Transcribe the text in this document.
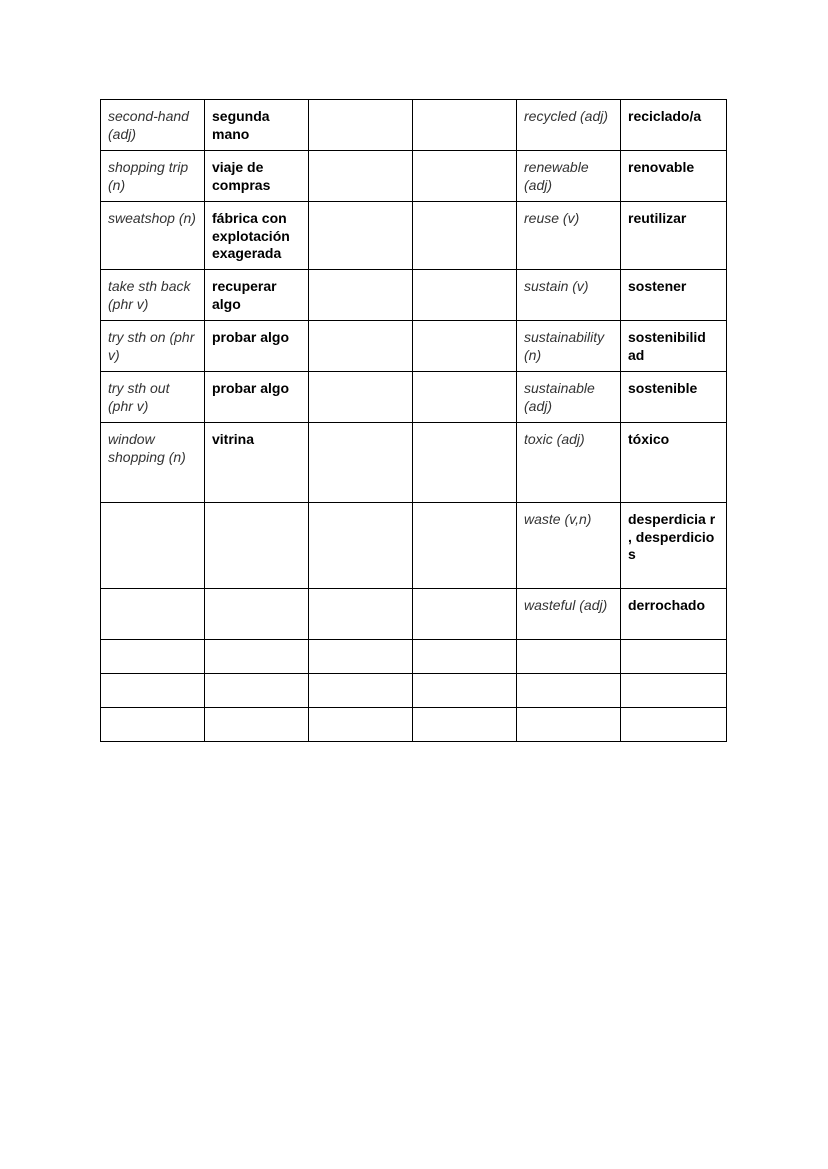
second-hand (adj)	segunda mano			recycled (adj)	reciclado/a
shopping trip (n)	viaje de compras			renewable (adj)	renovable
sweatshop (n)	fábrica con explotación exagerada			reuse (v)	reutilizar
take sth back (phr v)	recuperar algo			sustain (v)	sostener
try sth on (phr v)	probar algo			sustainability (n)	sostenibilid ad
try sth out (phr v)	probar algo			sustainable (adj)	sostenible
window shopping (n)	vitrina			toxic (adj)	tóxico
				waste (v,n)	desperdicia r , desperdicio s
				wasteful (adj)	derrochado
